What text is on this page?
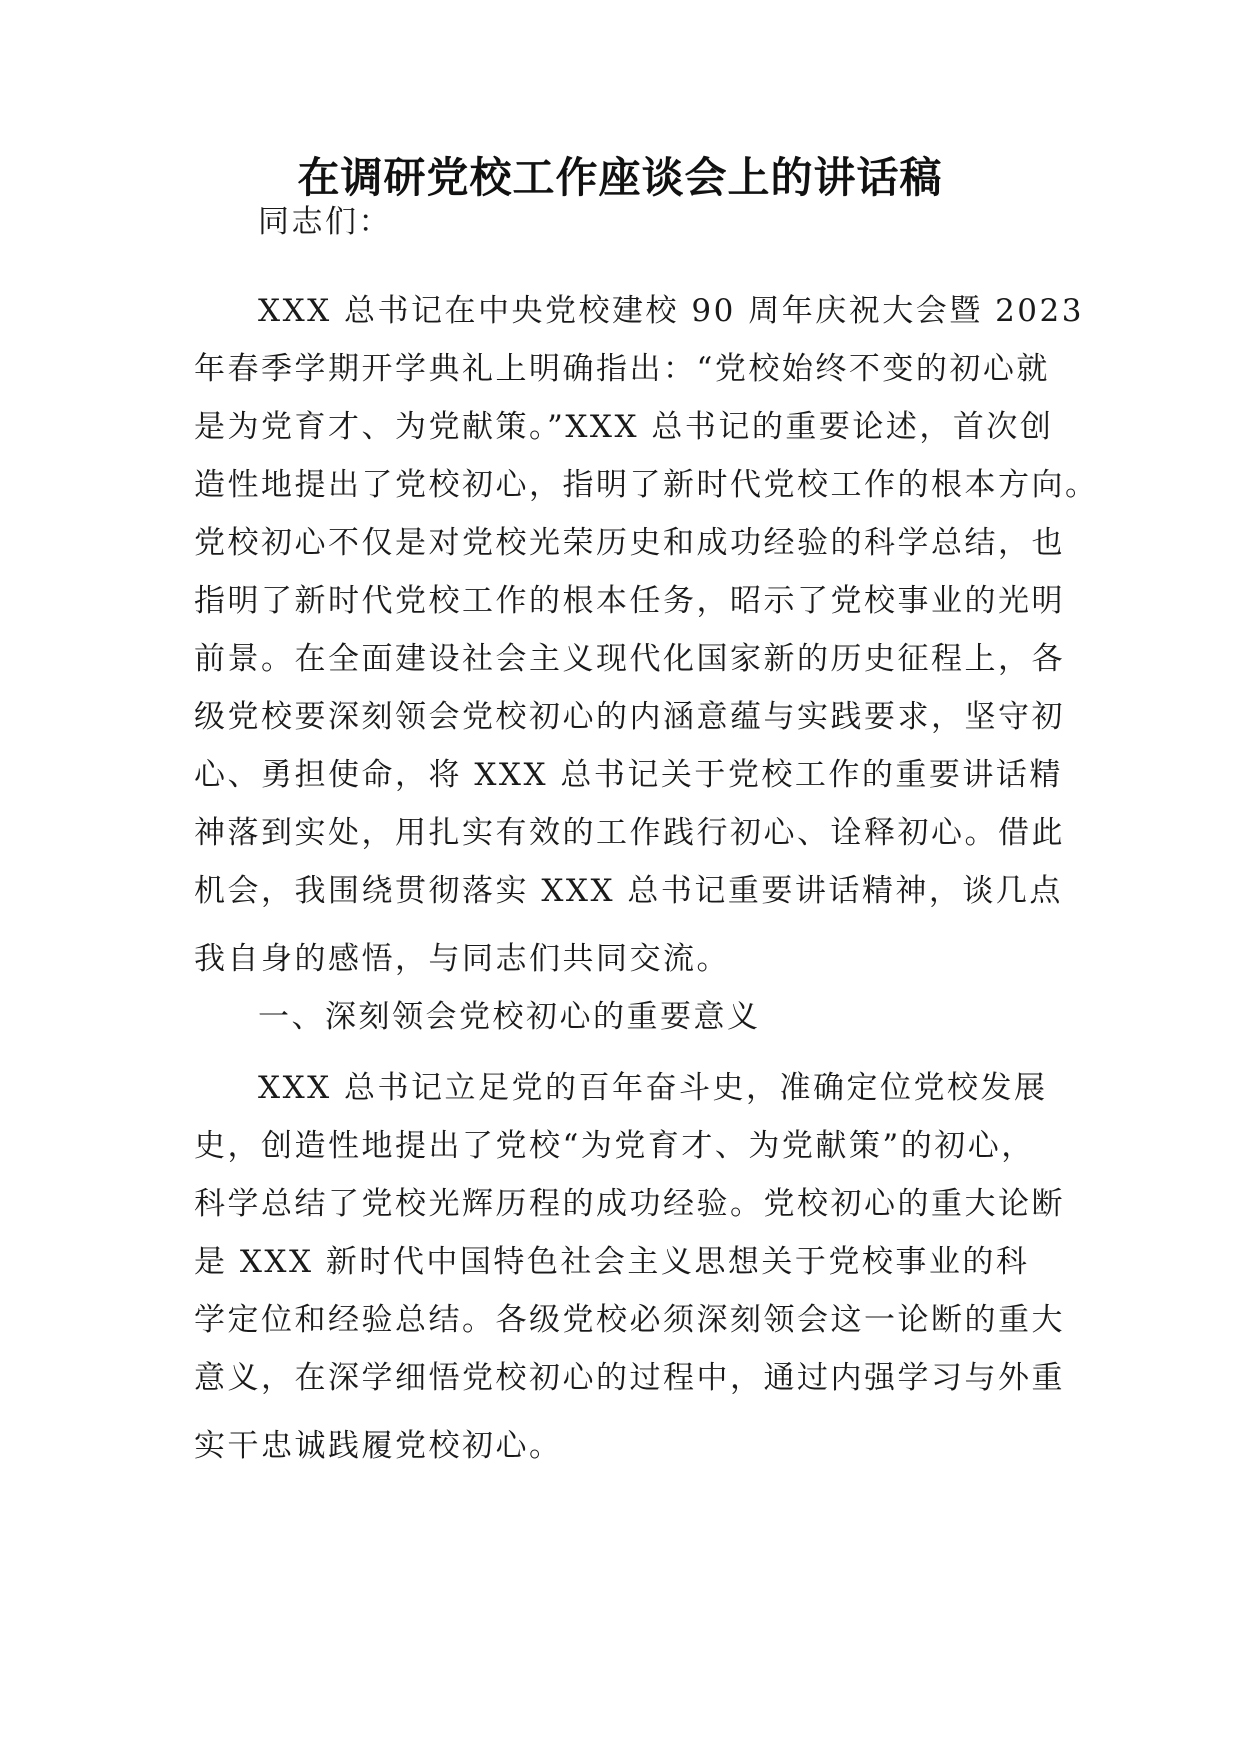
在调研党校工作座谈会上的讲话稿
同志们：
XXX 总书记在中央党校建校 90 周年庆祝大会暨 2023
年春季学期开学典礼上明确指出：“党校始终不变的初心就
是为党育才、为党献策。”XXX 总书记的重要论述，首次创
造性地提出了党校初心，指明了新时代党校工作的根本方向。
党校初心不仅是对党校光荣历史和成功经验的科学总结，也
指明了新时代党校工作的根本任务，昭示了党校事业的光明
前景。在全面建设社会主义现代化国家新的历史征程上，各
级党校要深刻领会党校初心的内涵意蕴与实践要求，坚守初
心、勇担使命，将 XXX 总书记关于党校工作的重要讲话精
神落到实处，用扎实有效的工作践行初心、诠释初心。借此
机会，我围绕贯彻落实 XXX 总书记重要讲话精神，谈几点
我自身的感悟，与同志们共同交流。
一、深刻领会党校初心的重要意义
XXX 总书记立足党的百年奋斗史，准确定位党校发展
史，创造性地提出了党校“为党育才、为党献策”的初心，
科学总结了党校光辉历程的成功经验。党校初心的重大论断
是 XXX 新时代中国特色社会主义思想关于党校事业的科
学定位和经验总结。各级党校必须深刻领会这一论断的重大
意义，在深学细悟党校初心的过程中，通过内强学习与外重
实干忠诚践履党校初心。
